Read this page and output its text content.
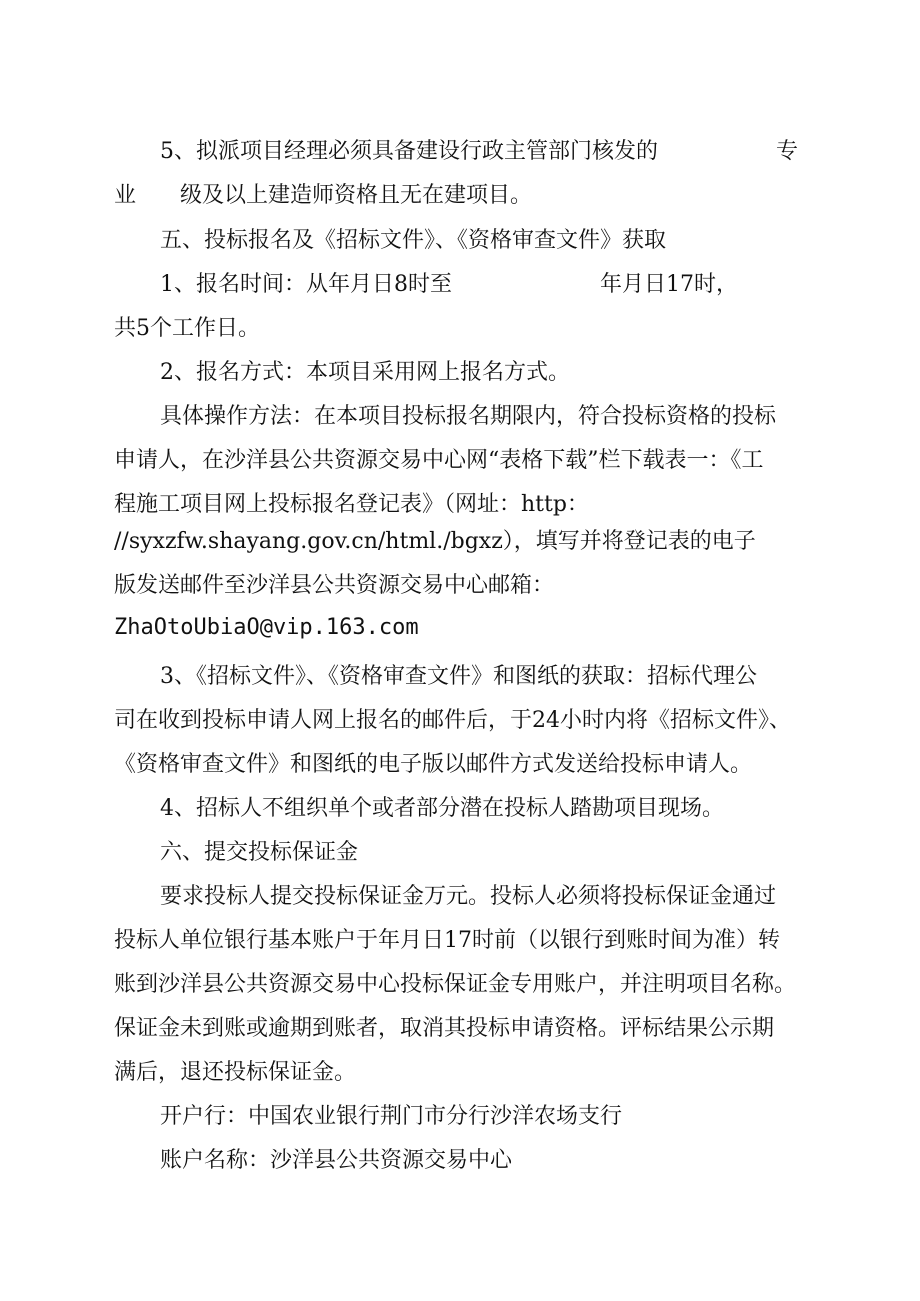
5、拟派项目经理必须具备建设行政主管部门核发的	专
业 级及以上建造师资格且无在建项目。
五、投标报名及《招标文件》、《资格审查文件》获取
1、报名时间：从年月日8时至	年月日17时，
共5个工作日。
2、报名方式：本项目采用网上报名方式。
具体操作方法：在本项目投标报名期限内，符合投标资格的投标
申请人，在沙洋县公共资源交易中心网“表格下载”栏下载表一：《工
程施工项目网上投标报名登记表》（网址：http：
//syxzfw.shayang.gov.cn/html./bgxz），填写并将登记表的电子
版发送邮件至沙洋县公共资源交易中心邮箱：
ZhaOtoUbiaO@vip.163.com
3、《招标文件》、《资格审查文件》和图纸的获取：招标代理公
司在收到投标申请人网上报名的邮件后，于24小时内将《招标文件》、
《资格审查文件》和图纸的电子版以邮件方式发送给投标申请人。
4、招标人不组织单个或者部分潜在投标人踏勘项目现场。
六、提交投标保证金
要求投标人提交投标保证金万元。投标人必须将投标保证金通过
投标人单位银行基本账户于年月日17时前（以银行到账时间为准）转
账到沙洋县公共资源交易中心投标保证金专用账户，并注明项目名称。
保证金未到账或逾期到账者，取消其投标申请资格。评标结果公示期
满后，退还投标保证金。
开户行：中国农业银行荆门市分行沙洋农场支行
账户名称：沙洋县公共资源交易中心
